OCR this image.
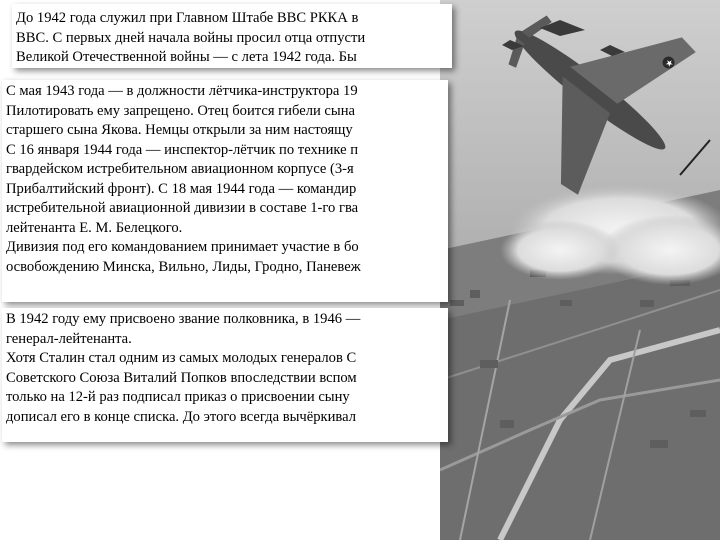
★
До 1942 года служил при Главном Штабе ВВС РККА в
ВВС. С первых дней начала войны просил отца отпусти
Великой Отечественной войны — с лета 1942 года. Бы
С мая 1943 года — в должности лётчика-инструктора 19
Пилотировать ему запрещено. Отец боится гибели сына
старшего сына Якова. Немцы открыли за ним настоящу
С 16 января 1944 года — инспектор-лётчик по технике п
гвардейском истребительном авиационном корпусе (3-я
Прибалтийский фронт). С 18 мая 1944 года — командир
истребительной авиационной дивизии в составе 1-го гва
лейтенанта Е. М. Белецкого.
Дивизия под его командованием принимает участие в бо
освобождению Минска, Вильно, Лиды, Гродно, Паневеж
В 1942 году ему присвоено звание полковника, в 1946 —
генерал-лейтенанта.
Хотя Сталин стал одним из самых молодых генералов С
Советского Союза Виталий Попков впоследствии вспом
только на 12-й раз подписал приказ о присвоении сыну
дописал его в конце списка. До этого всегда вычёркивал
